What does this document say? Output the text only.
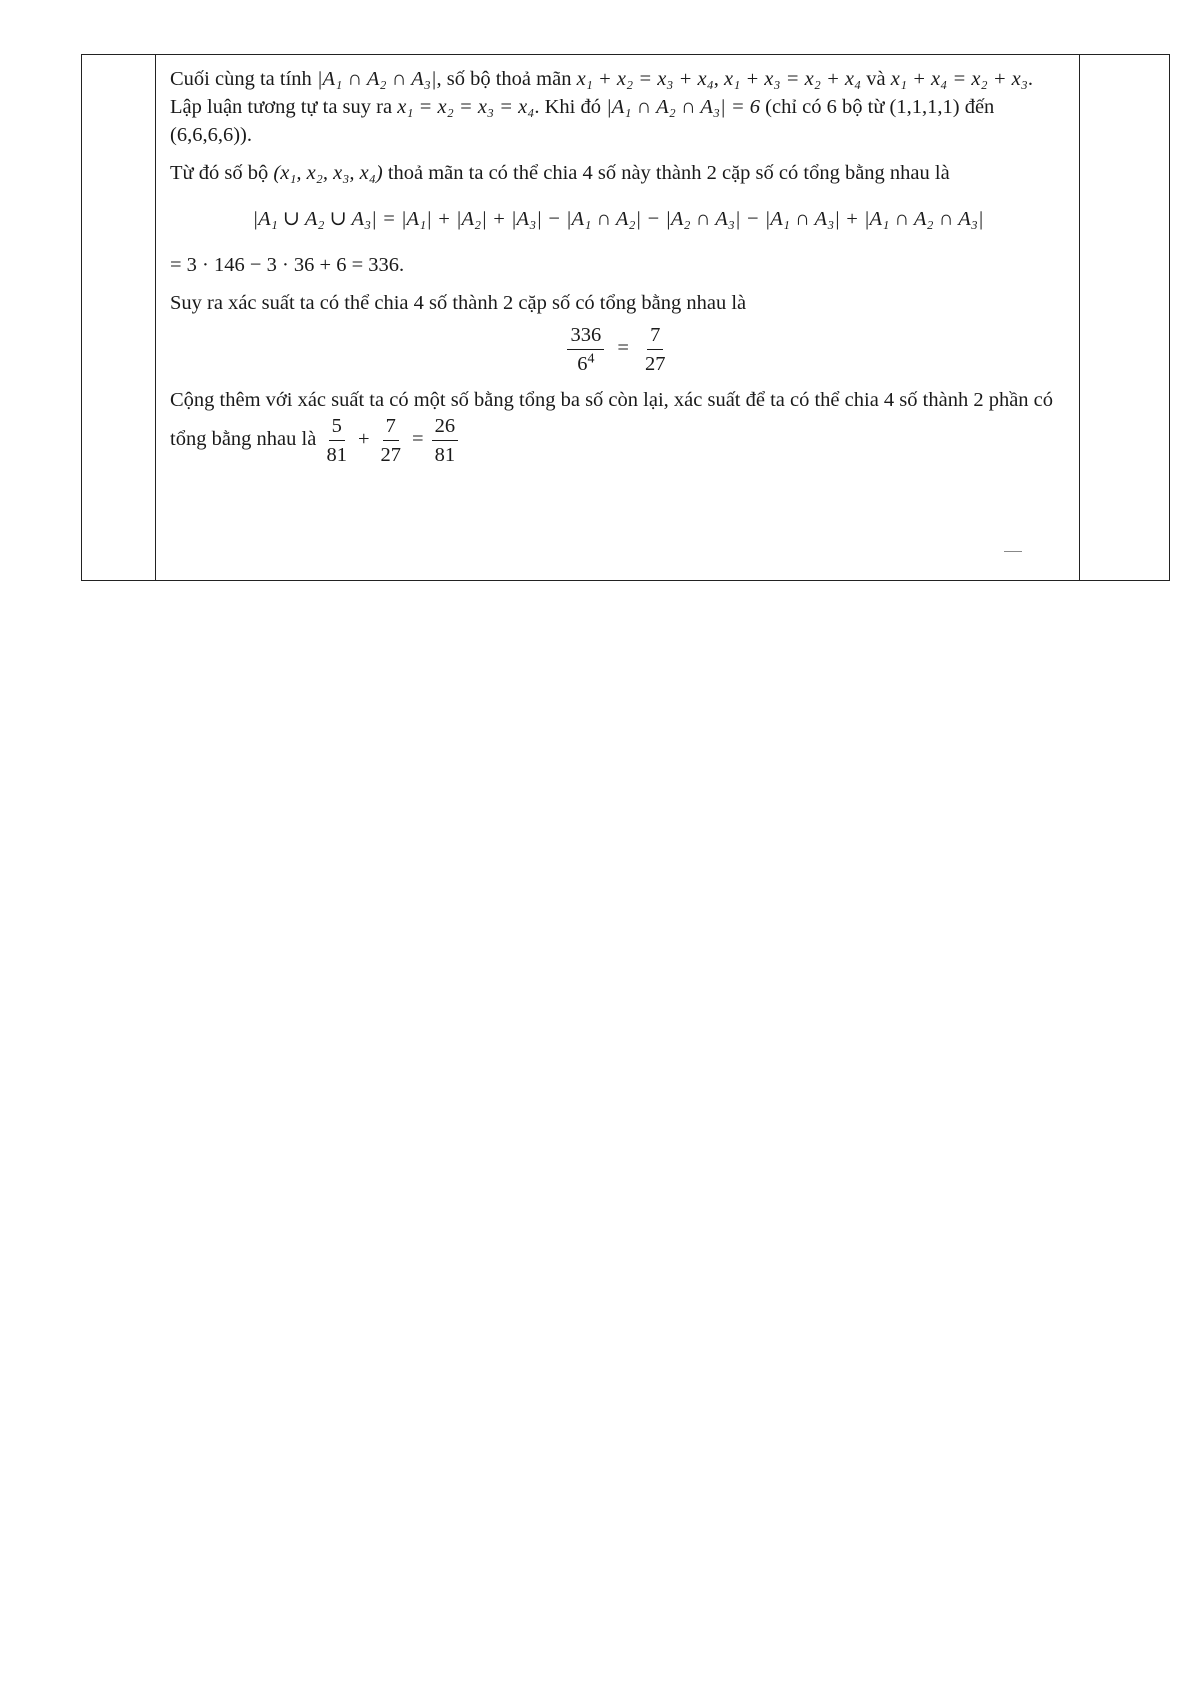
Cuối cùng ta tính |A₁ ∩ A₂ ∩ A₃|, số bộ thoả mãn x₁ + x₂ = x₃ + x₄, x₁ + x₃ = x₂ + x₄ và x₁ + x₄ = x₂ + x₃. Lập luận tương tự ta suy ra x₁ = x₂ = x₃ = x₄. Khi đó |A₁ ∩ A₂ ∩ A₃| = 6 (chỉ có 6 bộ từ (1,1,1,1) đến (6,6,6,6)).

Từ đó số bộ (x₁, x₂, x₃, x₄) thoả mãn ta có thể chia 4 số này thành 2 cặp số có tổng bằng nhau là

|A₁ ∪ A₂ ∪ A₃| = |A₁| + |A₂| + |A₃| − |A₁ ∩ A₂| − |A₂ ∩ A₃| − |A₁ ∩ A₃| + |A₁ ∩ A₂ ∩ A₃|

= 3 · 146 − 3 · 36 + 6 = 336.

Suy ra xác suất ta có thể chia 4 số thành 2 cặp số có tổng bằng nhau là

$\frac{336}{6^4} = \frac{7}{27}$

Cộng thêm với xác suất ta có một số bằng tổng ba số còn lại, xác suất để ta có thể chia 4 số thành 2 phần có tổng bằng nhau là $\frac{5}{81} + \frac{7}{27} = \frac{26}{81}$
